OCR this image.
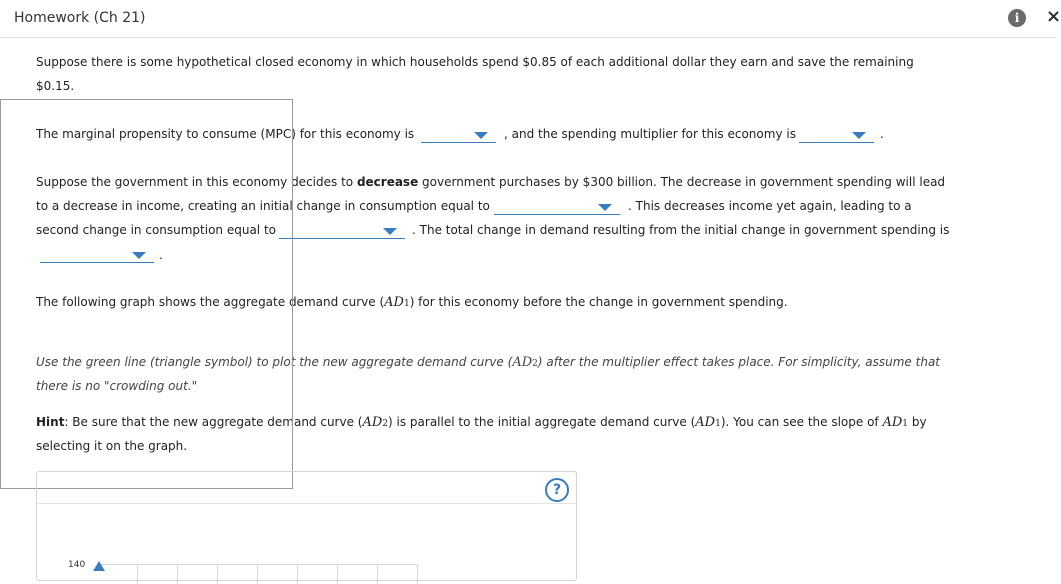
Homework (Ch 21)	i	×
Suppose there is some hypothetical closed economy in which households spend $0.85 of each additional dollar they earn and save the remaining
$0.15.
The marginal propensity to consume (MPC) for this economy is	, and the spending multiplier for this economy is	.
Suppose the government in this economy decides to decrease government purchases by $300 billion. The decrease in government spending will lead
to a decrease in income, creating an initial change in consumption equal to	. This decreases income yet again, leading to a
second change in consumption equal to	. The total change in demand resulting from the initial change in government spending is
.
The following graph shows the aggregate demand curve (AD1) for this economy before the change in government spending.
Use the green line (triangle symbol) to plot the new aggregate demand curve (AD2) after the multiplier effect takes place. For simplicity, assume that
there is no "crowding out."
Hint: Be sure that the new aggregate demand curve (AD2) is parallel to the initial aggregate demand curve (AD1). You can see the slope of AD1 by
selecting it on the graph.
?
140
